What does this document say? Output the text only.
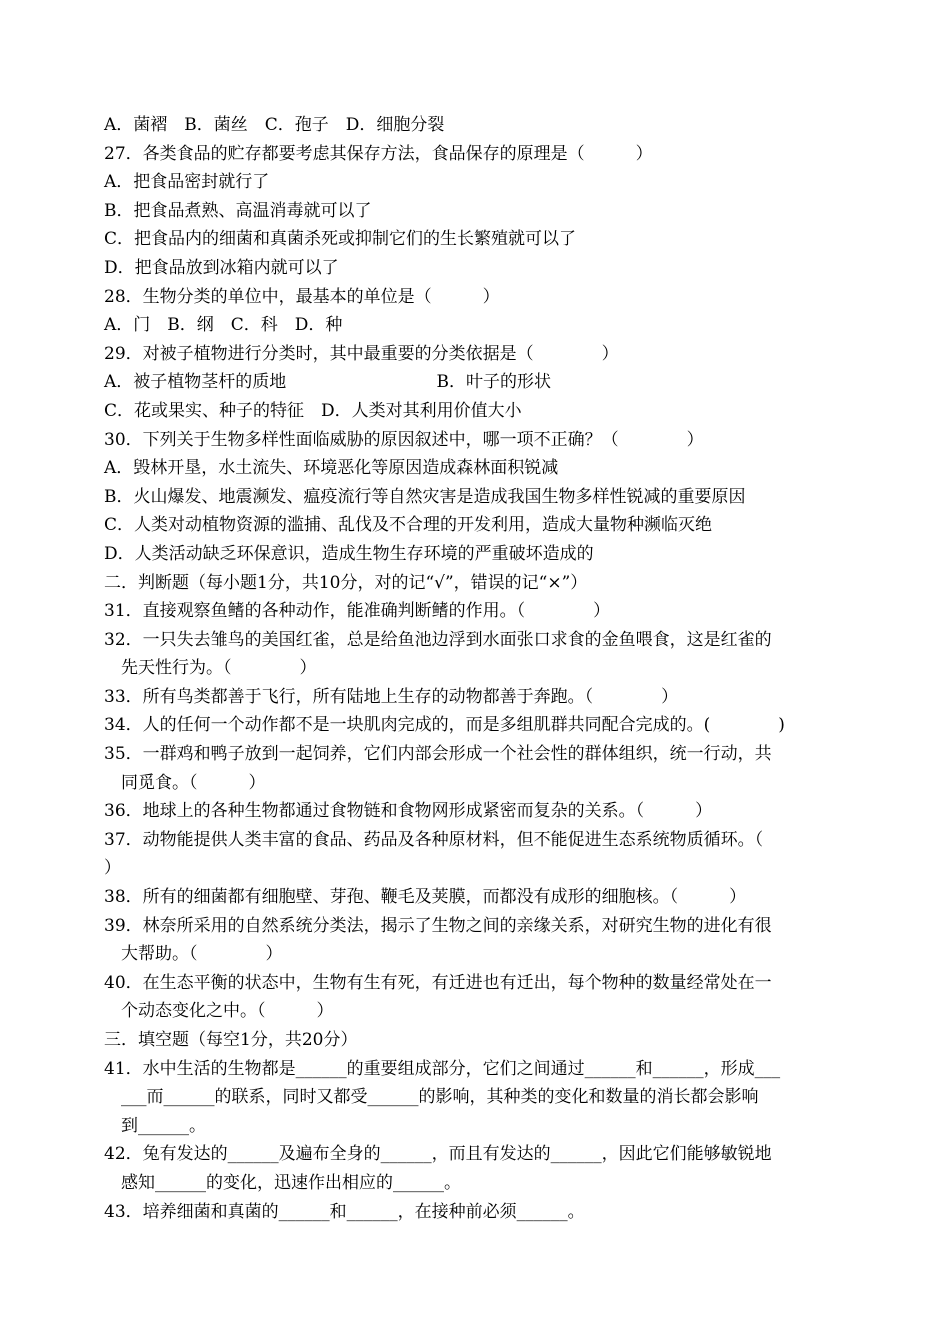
A．菌褶　B．菌丝　C．孢子　D．细胞分裂
27．各类食品的贮存都要考虑其保存方法，食品保存的原理是（　　　）
A．把食品密封就行了
B．把食品煮熟、高温消毒就可以了
C．把食品内的细菌和真菌杀死或抑制它们的生长繁殖就可以了
D．把食品放到冰箱内就可以了
28．生物分类的单位中，最基本的单位是（　　　）
A．门　B．纲　C．科　D．种
29．对被子植物进行分类时，其中最重要的分类依据是（　　　　）
A．被子植物茎杆的质地	B．叶子的形状
C．花或果实、种子的特征　D．人类对其利用价值大小
30．下列关于生物多样性面临威胁的原因叙述中，哪一项不正确？（　　　　）
A．毁林开垦，水土流失、环境恶化等原因造成森林面积锐减
B．火山爆发、地震濒发、瘟疫流行等自然灾害是造成我国生物多样性锐减的重要原因
C．人类对动植物资源的滥捕、乱伐及不合理的开发利用，造成大量物种濒临灭绝
D．人类活动缺乏环保意识，造成生物生存环境的严重破坏造成的
二．判断题（每小题1分，共10分，对的记“√”，错误的记“×”）
31．直接观察鱼鳍的各种动作，能准确判断鳍的作用。（　　　　）
32．一只失去雏鸟的美国红雀，总是给鱼池边浮到水面张口求食的金鱼喂食，这是红雀的
先天性行为。（　　　　）
33．所有鸟类都善于飞行，所有陆地上生存的动物都善于奔跑。（　　　　）
34．人的任何一个动作都不是一块肌肉完成的，而是多组肌群共同配合完成的。(　　　　)
35．一群鸡和鸭子放到一起饲养，它们内部会形成一个社会性的群体组织，统一行动，共
同觅食。（　　　）
36．地球上的各种生物都通过食物链和食物网形成紧密而复杂的关系。（　　　）
37．动物能提供人类丰富的食品、药品及各种原材料，但不能促进生态系统物质循环。（
）
38．所有的细菌都有细胞壁、芽孢、鞭毛及荚膜，而都没有成形的细胞核。（　　　）
39．林奈所采用的自然系统分类法，揭示了生物之间的亲缘关系，对研究生物的进化有很
大帮助。（　　　　）
40．在生态平衡的状态中，生物有生有死，有迁进也有迁出，每个物种的数量经常处在一
个动态变化之中。（　　　）
三．填空题（每空1分，共20分）
41．水中生活的生物都是______的重要组成部分，它们之间通过______和______，形成___
___而______的联系，同时又都受______的影响，其种类的变化和数量的消长都会影响
到______。
42．兔有发达的______及遍布全身的______，而且有发达的______，因此它们能够敏锐地
感知______的变化，迅速作出相应的______。
43．培养细菌和真菌的______和______，在接种前必须______。
